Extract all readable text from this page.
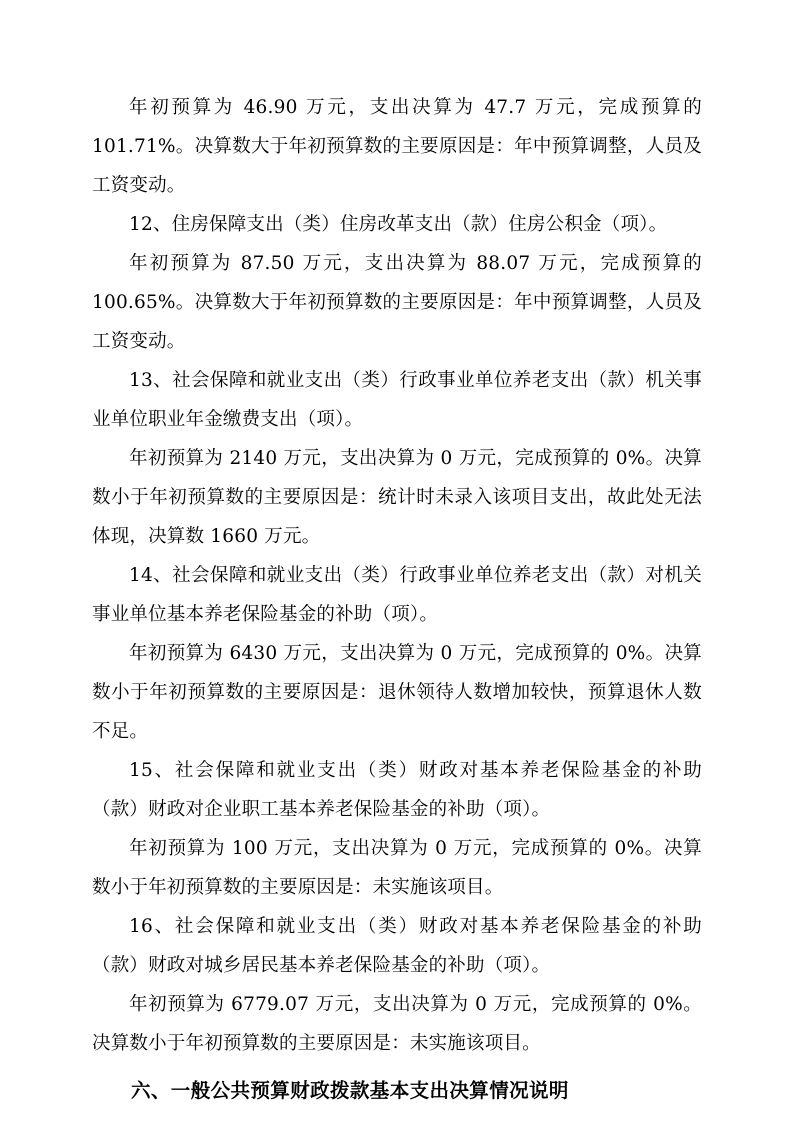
年初预算为 46.90 万元，支出决算为 47.7 万元，完成预算的 101.71%。决算数大于年初预算数的主要原因是：年中预算调整，人员及工资变动。

12、住房保障支出（类）住房改革支出（款）住房公积金（项）。

年初预算为 87.50 万元，支出决算为 88.07 万元，完成预算的 100.65%。决算数大于年初预算数的主要原因是：年中预算调整，人员及工资变动。

13、社会保障和就业支出（类）行政事业单位养老支出（款）机关事业单位职业年金缴费支出（项）。

年初预算为 2140 万元，支出决算为 0 万元，完成预算的 0%。决算数小于年初预算数的主要原因是：统计时未录入该项目支出，故此处无法体现，决算数 1660 万元。

14、社会保障和就业支出（类）行政事业单位养老支出（款）对机关事业单位基本养老保险基金的补助（项）。

年初预算为 6430 万元，支出决算为 0 万元，完成预算的 0%。决算数小于年初预算数的主要原因是：退休领待人数增加较快，预算退休人数不足。

15、社会保障和就业支出（类）财政对基本养老保险基金的补助（款）财政对企业职工基本养老保险基金的补助（项）。

年初预算为 100 万元，支出决算为 0 万元，完成预算的 0%。决算数小于年初预算数的主要原因是：未实施该项目。

16、社会保障和就业支出（类）财政对基本养老保险基金的补助（款）财政对城乡居民基本养老保险基金的补助（项）。

年初预算为 6779.07 万元，支出决算为 0 万元，完成预算的 0%。决算数小于年初预算数的主要原因是：未实施该项目。

六、一般公共预算财政拨款基本支出决算情况说明
